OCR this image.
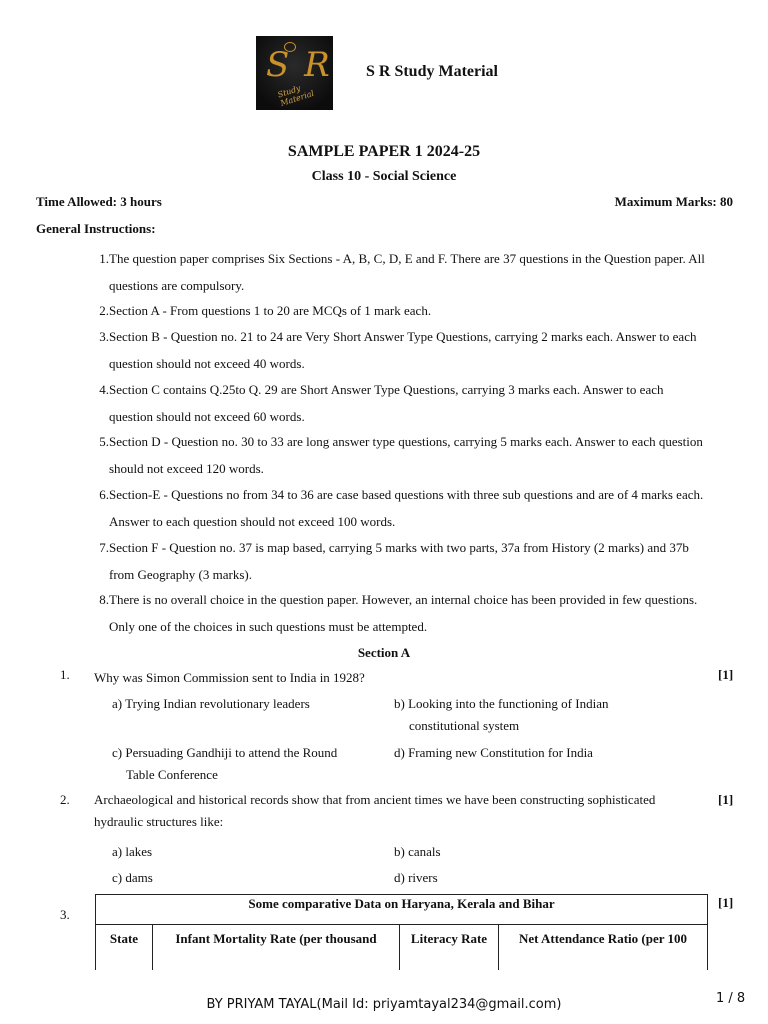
S R
Study Material
S R Study Material
SAMPLE PAPER 1 2024-25
Class 10 - Social Science
Time Allowed: 3 hours	Maximum Marks: 80
General Instructions:
1. The question paper comprises Six Sections - A, B, C, D, E and F. There are 37 questions in the Question paper. All
questions are compulsory.
2. Section A - From questions 1 to 20 are MCQs of 1 mark each.
3. Section B - Question no. 21 to 24 are Very Short Answer Type Questions, carrying 2 marks each. Answer to each
question should not exceed 40 words.
4. Section C contains Q.25to Q. 29 are Short Answer Type Questions, carrying 3 marks each. Answer to each
question should not exceed 60 words.
5. Section D - Question no. 30 to 33 are long answer type questions, carrying 5 marks each. Answer to each question
should not exceed 120 words.
6. Section-E - Questions no from 34 to 36 are case based questions with three sub questions and are of 4 marks each.
Answer to each question should not exceed 100 words.
7. Section F - Question no. 37 is map based, carrying 5 marks with two parts, 37a from History (2 marks) and 37b
from Geography (3 marks).
8. There is no overall choice in the question paper. However, an internal choice has been provided in few questions.
Only one of the choices in such questions must be attempted.
Section A
1. Why was Simon Commission sent to India in 1928?	[1]
a) Trying Indian revolutionary leaders	b) Looking into the functioning of Indian
constitutional system
c) Persuading Gandhiji to attend the Round
Table Conference
d) Framing new Constitution for India
2. Archaeological and historical records show that from ancient times we have been constructing sophisticated
hydraulic structures like:
[1]
a) lakes	b) canals
c) dams	d) rivers
3.
[1]
Some comparative Data on Haryana, Kerala and Bihar
State	Infant Mortality Rate (per thousand	Literacy Rate	Net Attendance Ratio (per 100
BY PRIYAM TAYAL(Mail Id: priyamtayal234@gmail.com)	1 / 8
